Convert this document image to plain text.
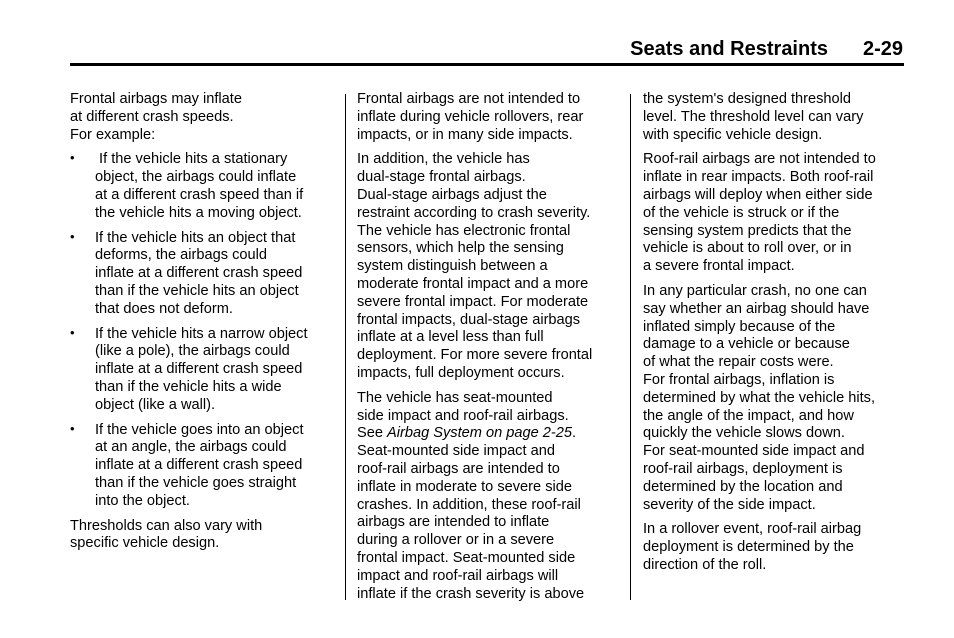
Seats and Restraints 2-29

Frontal airbags may inflate
at different crash speeds.
For example:

• If the vehicle hits a stationary
object, the airbags could inflate
at a different crash speed than if
the vehicle hits a moving object.
• If the vehicle hits an object that
deforms, the airbags could
inflate at a different crash speed
than if the vehicle hits an object
that does not deform.
• If the vehicle hits a narrow object
(like a pole), the airbags could
inflate at a different crash speed
than if the vehicle hits a wide
object (like a wall).
• If the vehicle goes into an object
at an angle, the airbags could
inflate at a different crash speed
than if the vehicle goes straight
into the object.

Thresholds can also vary with
specific vehicle design.

Frontal airbags are not intended to
inflate during vehicle rollovers, rear
impacts, or in many side impacts.

In addition, the vehicle has
dual-stage frontal airbags.
Dual-stage airbags adjust the
restraint according to crash severity.
The vehicle has electronic frontal
sensors, which help the sensing
system distinguish between a
moderate frontal impact and a more
severe frontal impact. For moderate
frontal impacts, dual-stage airbags
inflate at a level less than full
deployment. For more severe frontal
impacts, full deployment occurs.

The vehicle has seat-mounted
side impact and roof-rail airbags.
See Airbag System on page 2-25.
Seat-mounted side impact and
roof-rail airbags are intended to
inflate in moderate to severe side
crashes. In addition, these roof-rail
airbags are intended to inflate
during a rollover or in a severe
frontal impact. Seat-mounted side
impact and roof-rail airbags will
inflate if the crash severity is above

the system's designed threshold
level. The threshold level can vary
with specific vehicle design.

Roof-rail airbags are not intended to
inflate in rear impacts. Both roof-rail
airbags will deploy when either side
of the vehicle is struck or if the
sensing system predicts that the
vehicle is about to roll over, or in
a severe frontal impact.

In any particular crash, no one can
say whether an airbag should have
inflated simply because of the
damage to a vehicle or because
of what the repair costs were.
For frontal airbags, inflation is
determined by what the vehicle hits,
the angle of the impact, and how
quickly the vehicle slows down.
For seat-mounted side impact and
roof-rail airbags, deployment is
determined by the location and
severity of the side impact.

In a rollover event, roof-rail airbag
deployment is determined by the
direction of the roll.
